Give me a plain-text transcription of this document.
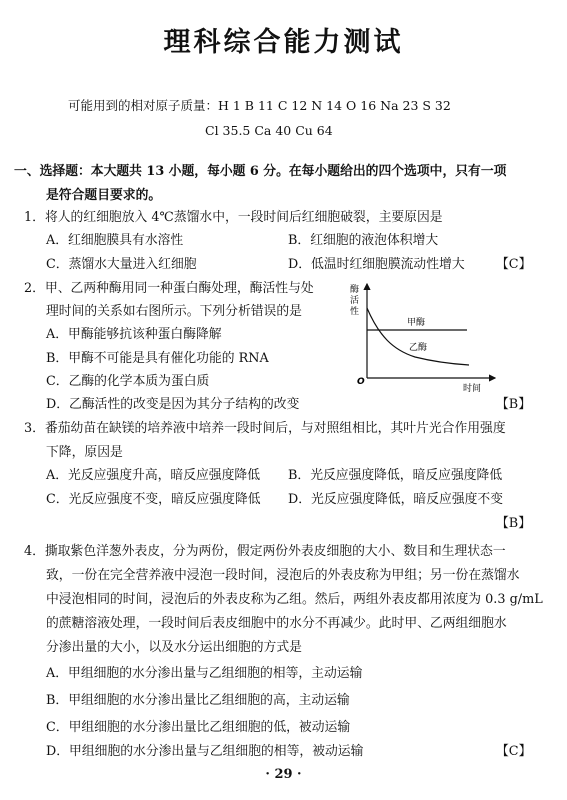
理科综合能力测试
可能用到的相对原子质量：H 1 B 11 C 12 N 14 O 16 Na 23 S 32
Cl 35.5 Ca 40 Cu 64
一、选择题：本大题共 13 小题，每小题 6 分。在每小题给出的四个选项中，只有一项
是符合题目要求的。
1．将人的红细胞放入 4℃蒸馏水中，一段时间后红细胞破裂，主要原因是
A．红细胞膜具有水溶性	B．红细胞的液泡体积增大
C．蒸馏水大量进入红细胞	D．低温时红细胞膜流动性增大 【C】
2．甲、乙两种酶用同一种蛋白酶处理，酶活性与处
理时间的关系如右图所示。下列分析错误的是
A．甲酶能够抗该种蛋白酶降解
B．甲酶不可能是具有催化功能的 RNA
C．乙酶的化学本质为蛋白质
D．乙酶活性的改变是因为其分子结构的改变	【B】
酶
活
性
O
时间
甲酶
乙酶
3．番茄幼苗在缺镁的培养液中培养一段时间后，与对照组相比，其叶片光合作用强度
下降，原因是
A．光反应强度升高，暗反应强度降低 B．光反应强度降低，暗反应强度降低
C．光反应强度不变，暗反应强度降低 D．光反应强度降低，暗反应强度不变
【B】
4．撕取紫色洋葱外表皮，分为两份，假定两份外表皮细胞的大小、数目和生理状态一
致，一份在完全营养液中浸泡一段时间，浸泡后的外表皮称为甲组；另一份在蒸馏水
中浸泡相同的时间，浸泡后的外表皮称为乙组。然后，两组外表皮都用浓度为 0.3 g/mL
的蔗糖溶液处理，一段时间后表皮细胞中的水分不再减少。此时甲、乙两组细胞水
分渗出量的大小，以及水分运出细胞的方式是
A．甲组细胞的水分渗出量与乙组细胞的相等，主动运输
B．甲组细胞的水分渗出量比乙组细胞的高，主动运输
C．甲组细胞的水分渗出量比乙组细胞的低，被动运输
D．甲组细胞的水分渗出量与乙组细胞的相等，被动运输	【C】
· 29 ·
